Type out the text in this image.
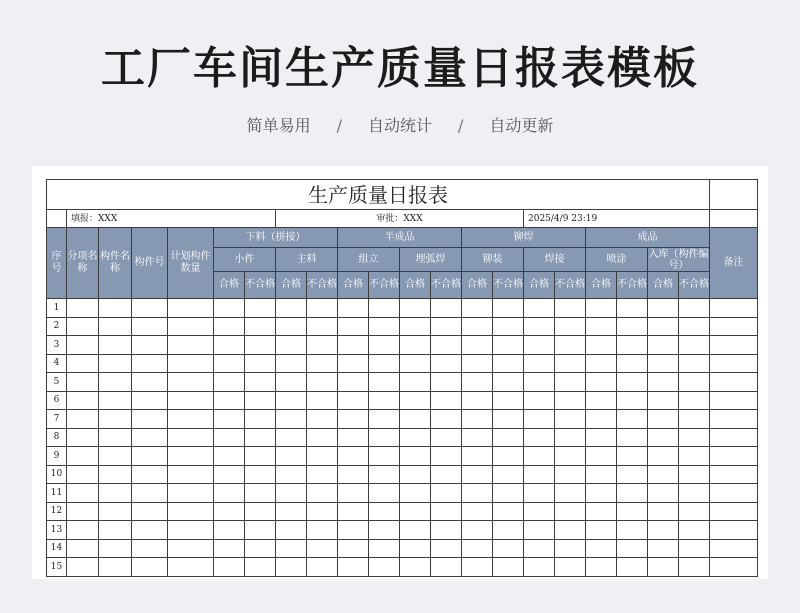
工厂车间生产质量日报表模板
简单易用 / 自动统计 / 自动更新
生产质量日报表																					
	填报：XXX						审批：XXX								2025/4/9 23:19						
序号	分项名称	构件名称	构件号	计划构件数量	下料（拼接）				半成品				铆焊				成品				备注
					小件		主料		组立		埋弧焊		铆装		焊接		喷涂		入库（构件编号）		
					合格	不合格	合格	不合格	合格	不合格	合格	不合格	合格	不合格	合格	不合格	合格	不合格	合格	不合格	
1																					
2																					
3																					
4																					
5																					
6																					
7																					
8																					
9																					
10																					
11																					
12																					
13																					
14																					
15																					
